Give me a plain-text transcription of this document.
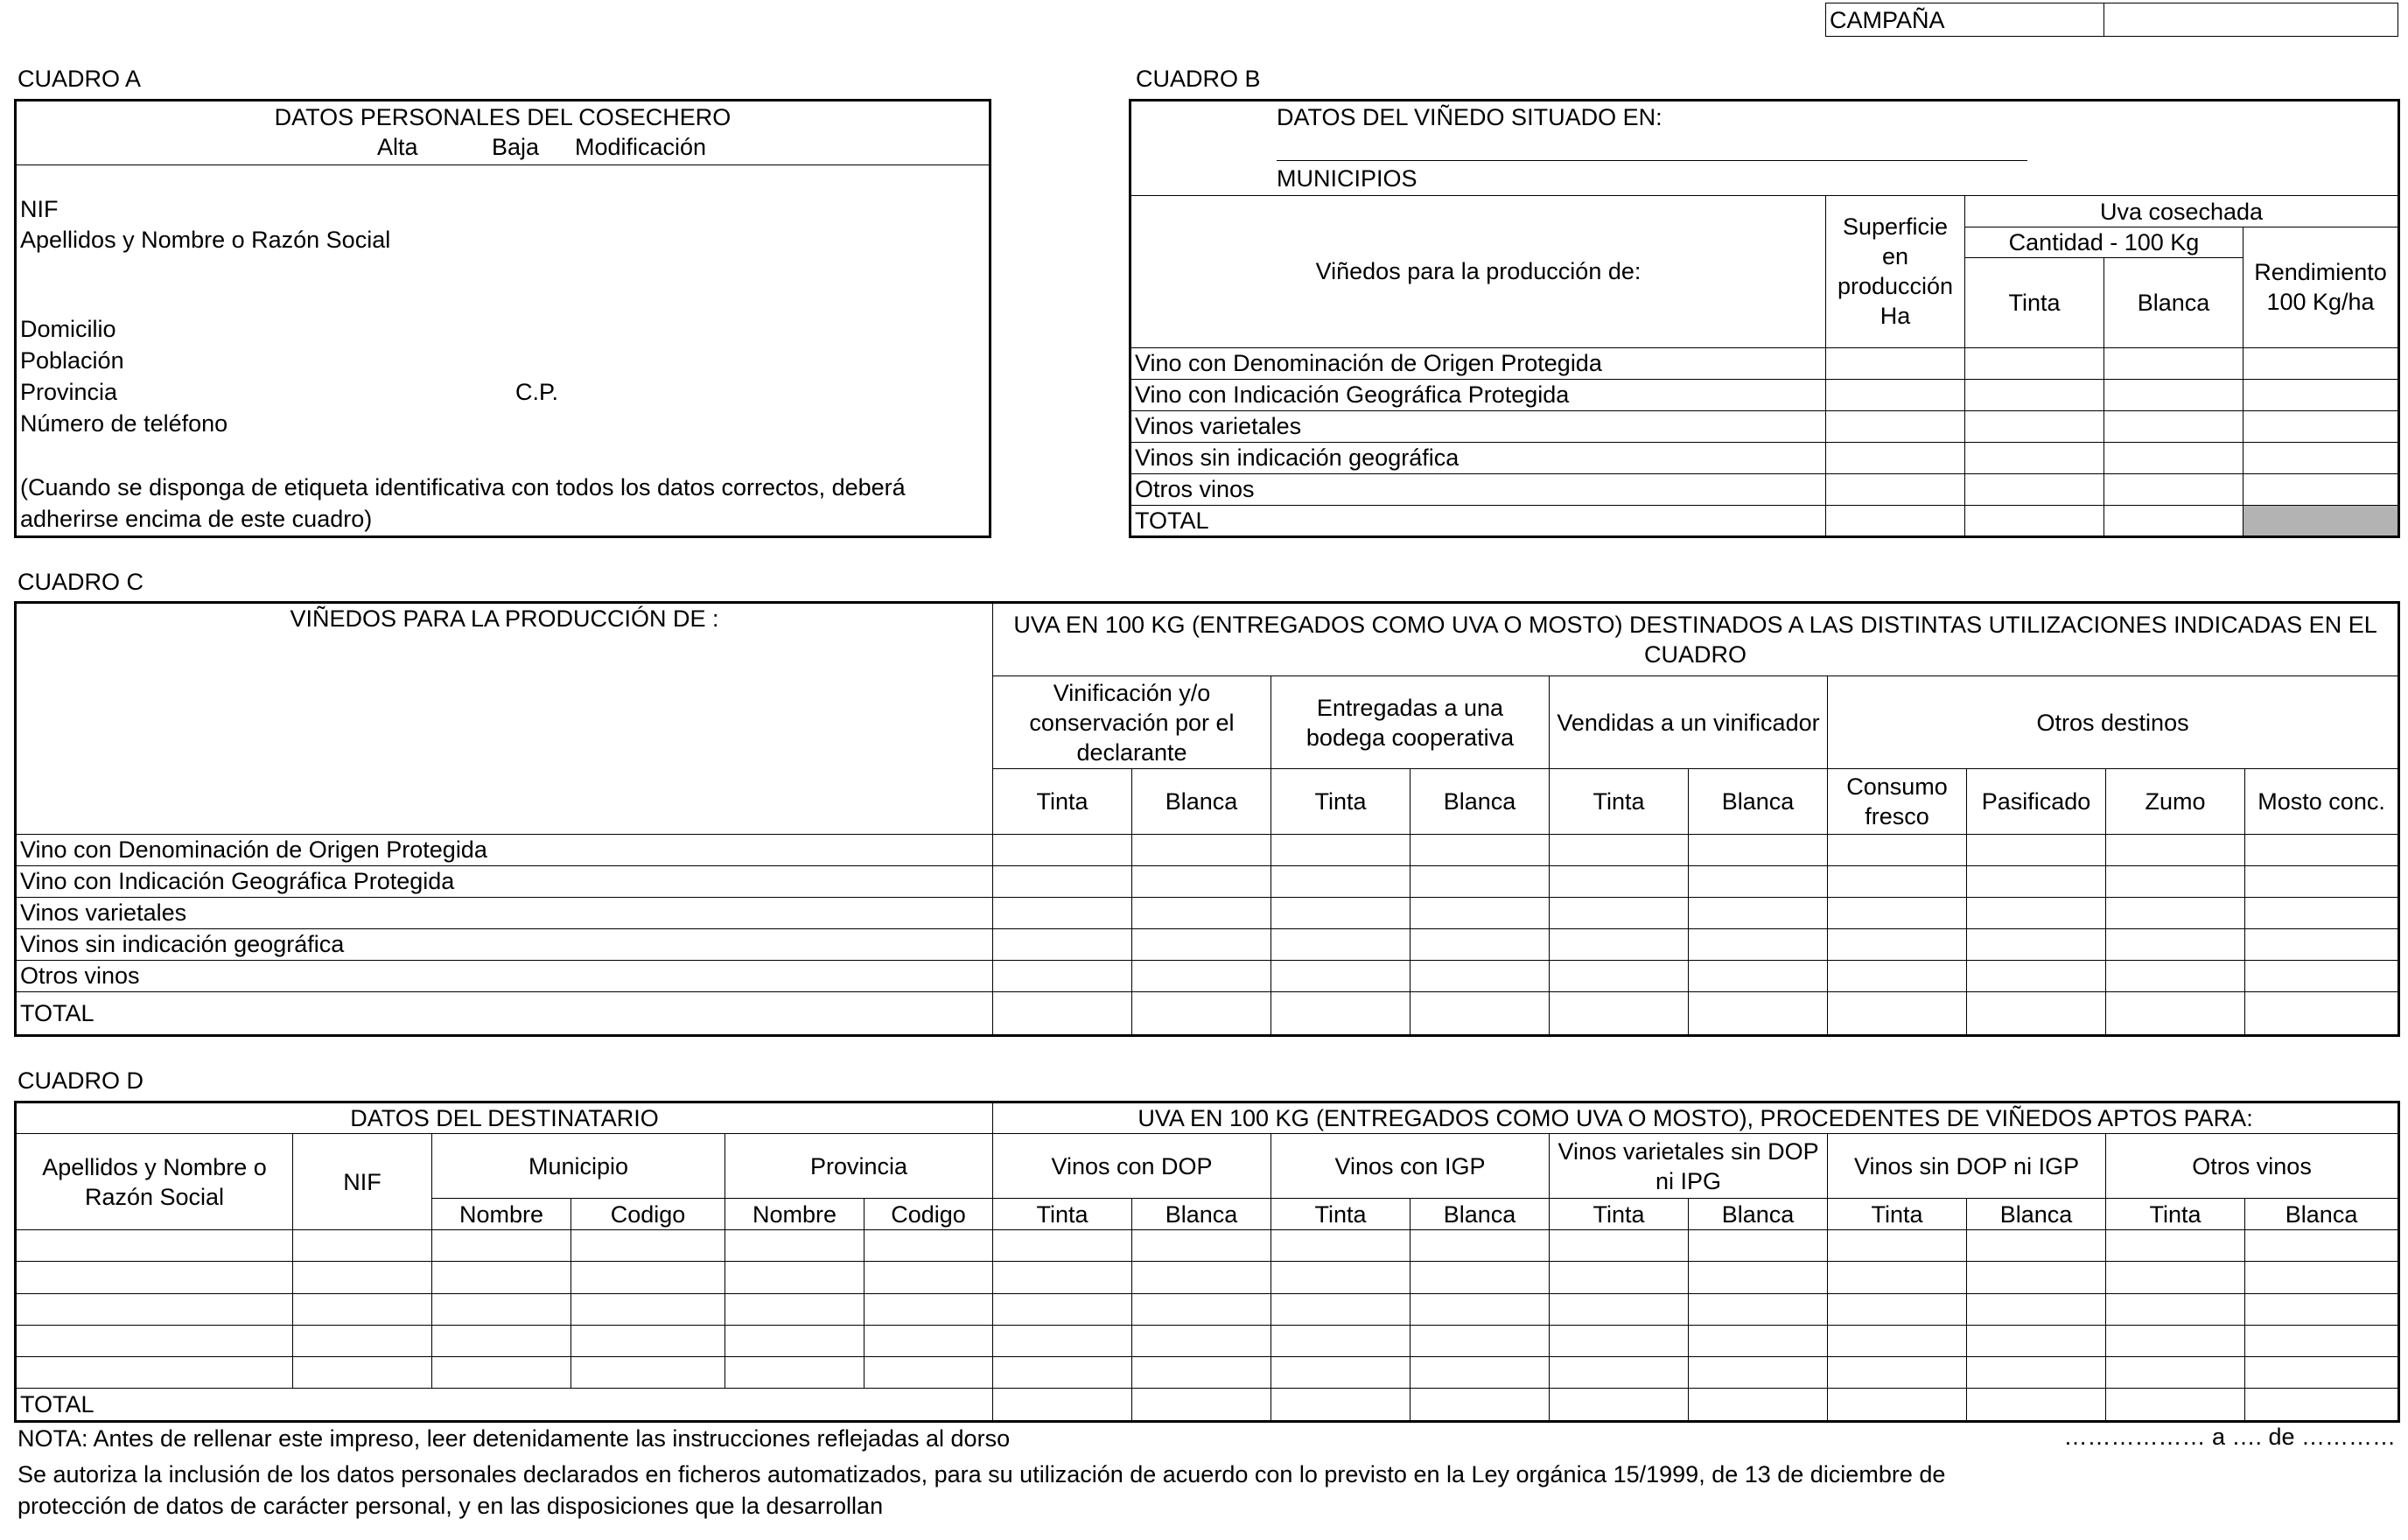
CAMPAÑA	
CUADRO A
DATOS PERSONALES DEL COSECHERO
Alta	Baja Modificación
NIF
Apellidos y Nombre o Razón Social
Domicilio
Población
Provincia	C.P.
Número de teléfono
(Cuando se disponga de etiqueta identificativa con todos los datos correctos, deberá adherirse encima de este cuadro)
CUADRO B
DATOS DEL VIÑEDO SITUADO EN:
MUNICIPIOS				

Viñedos para la producción de:	Superficie en producción Ha	Uva cosechada		
		Cantidad - 100 Kg		Rendimiento 100 Kg/ha
		Tinta	Blanca	
Vino con Denominación de Origen Protegida				
Vino con Indicación Geográfica Protegida				
Vinos varietales				
Vinos sin indicación geográfica				
Otros vinos				
TOTAL				
CUADRO C
VIÑEDOS PARA LA PRODUCCIÓN DE :	UVA EN 100 KG (ENTREGADOS COMO UVA O MOSTO) DESTINADOS A LAS DISTINTAS UTILIZACIONES INDICADAS EN EL CUADRO									
	Vinificación y/o conservación por el declarante		Entregadas a una bodega cooperativa		Vendidas a un vinificador		Otros destinos			
	Tinta	Blanca	Tinta	Blanca	Tinta	Blanca	Consumo fresco	Pasificado	Zumo	Mosto conc.
Vino con Denominación de Origen Protegida										
Vino con Indicación Geográfica Protegida										
Vinos varietales										
Vinos sin indicación geográfica										
Otros vinos										
TOTAL										
CUADRO D
DATOS DEL DESTINATARIO						UVA EN 100 KG (ENTREGADOS COMO UVA O MOSTO), PROCEDENTES DE VIÑEDOS APTOS PARA:									
Apellidos y Nombre o Razón Social	NIF	Municipio		Provincia		Vinos con DOP		Vinos con IGP		Vinos varietales sin DOP ni IPG		Vinos sin DOP ni IGP		Otros vinos	
		Nombre	Codigo	Nombre	Codigo	Tinta	Blanca	Tinta	Blanca	Tinta	Blanca	Tinta	Blanca	Tinta	Blanca

TOTAL															
NOTA: Antes de rellenar este impreso, leer detenidamente las instrucciones reflejadas al dorso	……………… a …. de …………
Se autoriza la inclusión de los datos personales declarados en ficheros automatizados, para su utilización de acuerdo con lo previsto en la Ley orgánica 15/1999, de 13 de diciembre de protección de datos de carácter personal, y en las disposiciones que la desarrollan
